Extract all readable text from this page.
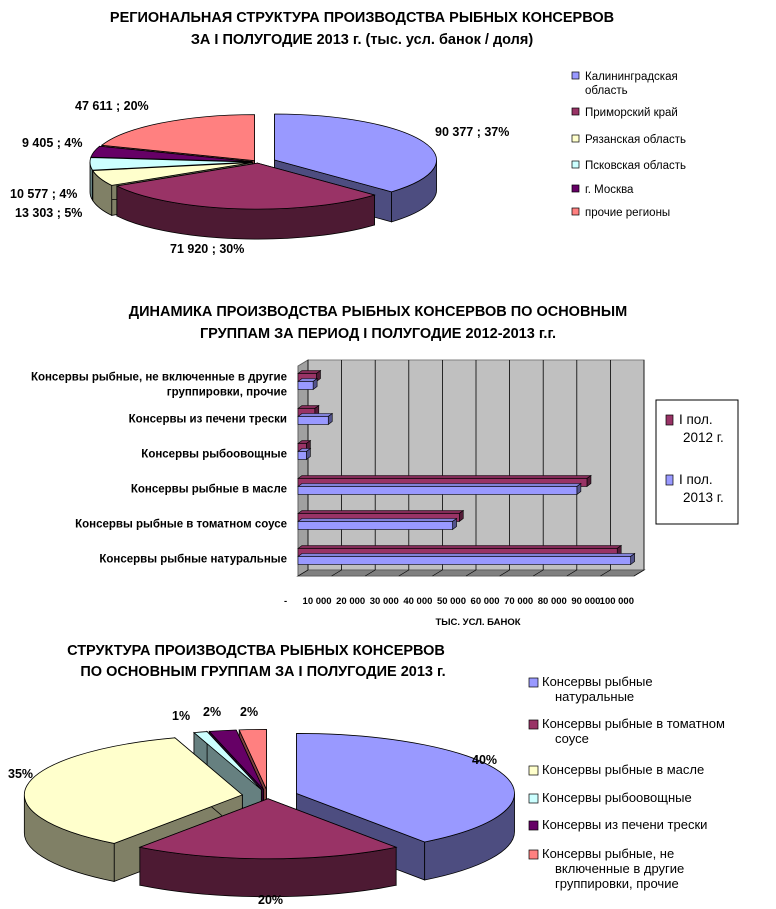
РЕГИОНАЛЬНАЯ СТРУКТУРА ПРОИЗВОДСТВА РЫБНЫХ КОНСЕРВОВ
ЗА I ПОЛУГОДИЕ 2013 г. (тыс. усл. банок / доля)
90 377 ; 37%
71 920 ; 30%
13 303 ; 5%
10 577 ; 4%
9 405 ; 4%
47 611 ; 20%
Калининградская область
Приморский край
Рязанская область
Псковская область
г. Москва
прочие регионы
ДИНАМИКА ПРОИЗВОДСТВА РЫБНЫХ КОНСЕРВОВ ПО ОСНОВНЫМ
ГРУППАМ ЗА ПЕРИОД I ПОЛУГОДИЕ 2012-2013 г.г.
Консервы рыбные натуральные
Консервы рыбные в томатном соусе
Консервы рыбные в масле
Консервы рыбоовощные
Консервы из печени трески
Консервы рыбные, не включенные в другие группировки, прочие
- 10 000 20 000 30 000 40 000 50 000 60 000 70 000 80 000 90 000 100 000
ТЫС. УСЛ. БАНОК
I пол. 2012 г.
I пол. 2013 г.
СТРУКТУРА ПРОИЗВОДСТВА РЫБНЫХ КОНСЕРВОВ
ПО ОСНОВНЫМ ГРУППАМ ЗА I ПОЛУГОДИЕ 2013 г.
40%
20%
35%
1% 2% 2%
Консервы рыбные натуральные
Консервы рыбные в томатном соусе
Консервы рыбные в масле
Консервы рыбоовощные
Консервы из печени трески
Консервы рыбные, не включенные в другие группировки, прочие
